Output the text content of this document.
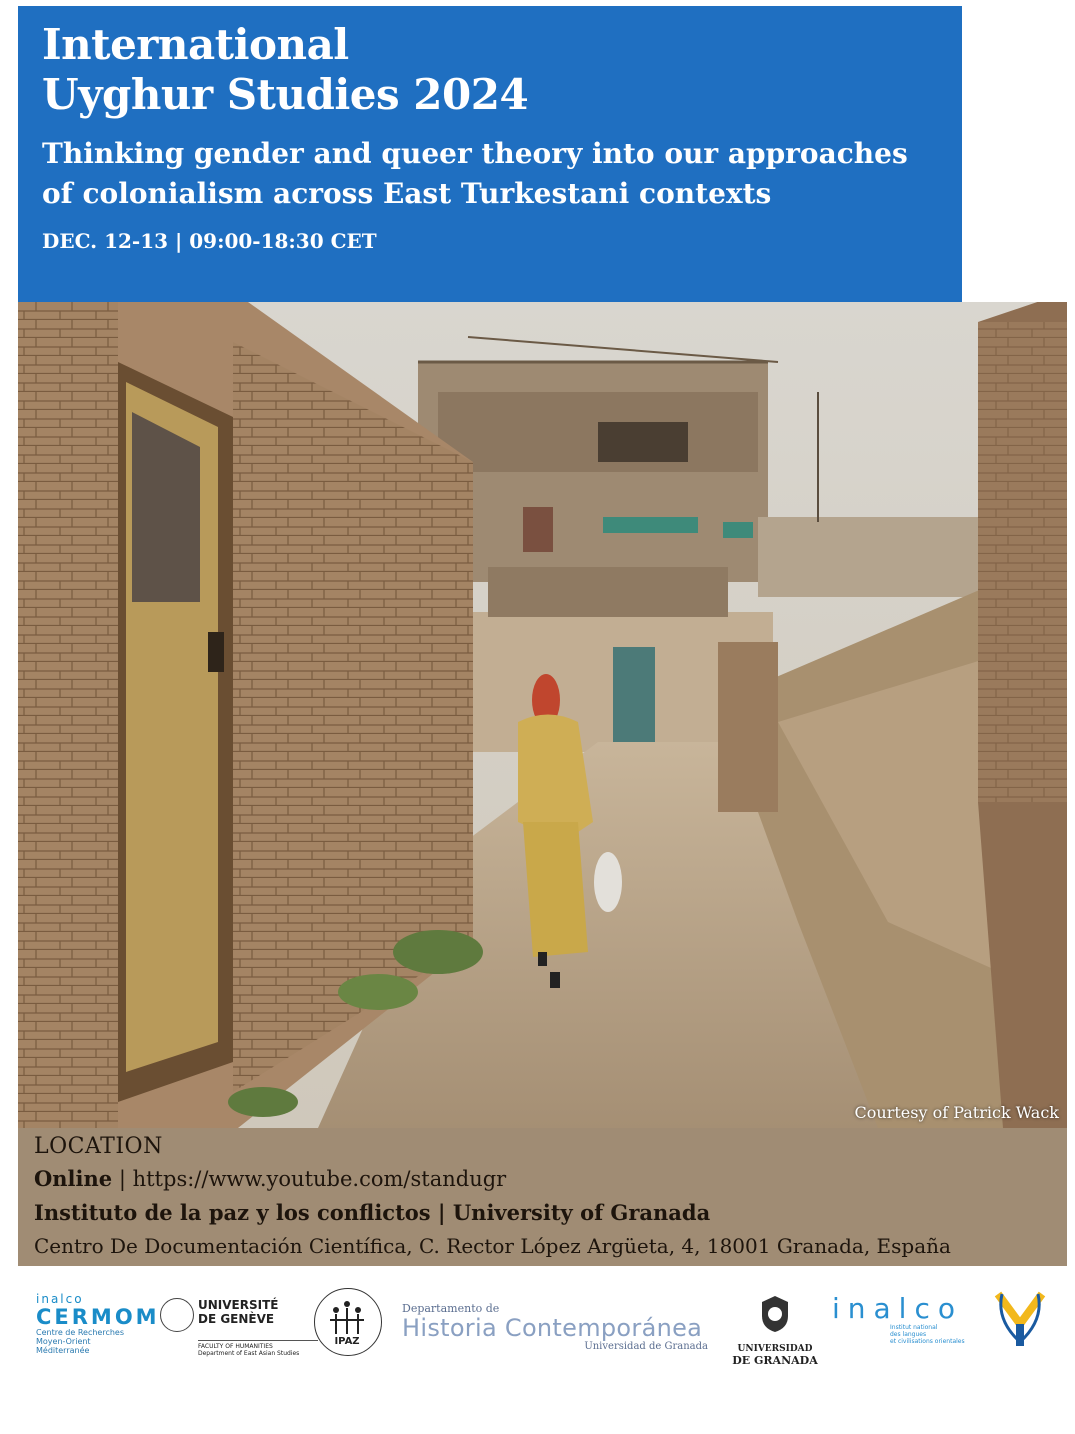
International
Uyghur Studies 2024
Thinking gender and queer theory into our approaches of colonialism across East Turkestani contexts
DEC. 12-13 | 09:00-18:30 CET
Courtesy of Patrick Wack
LOCATION
Online | https://www.youtube.com/standugr
Instituto de la paz y los conflictos | University of Granada
Centro De Documentación Científica, C. Rector López Argüeta, 4, 18001 Granada, España
inalco
CERMOM
Centre de Recherches
Moyen-Orient
Méditerranée
UNIVERSITÉ
DE GENÈVE
FACULTY OF HUMANITIES
Department of East Asian Studies
IPAZ
Departamento de
Historia Contemporánea
Universidad de Granada	UNIVERSIDAD
DE GRANADA
inalco
Institut national
des langues
et civilisations orientales
